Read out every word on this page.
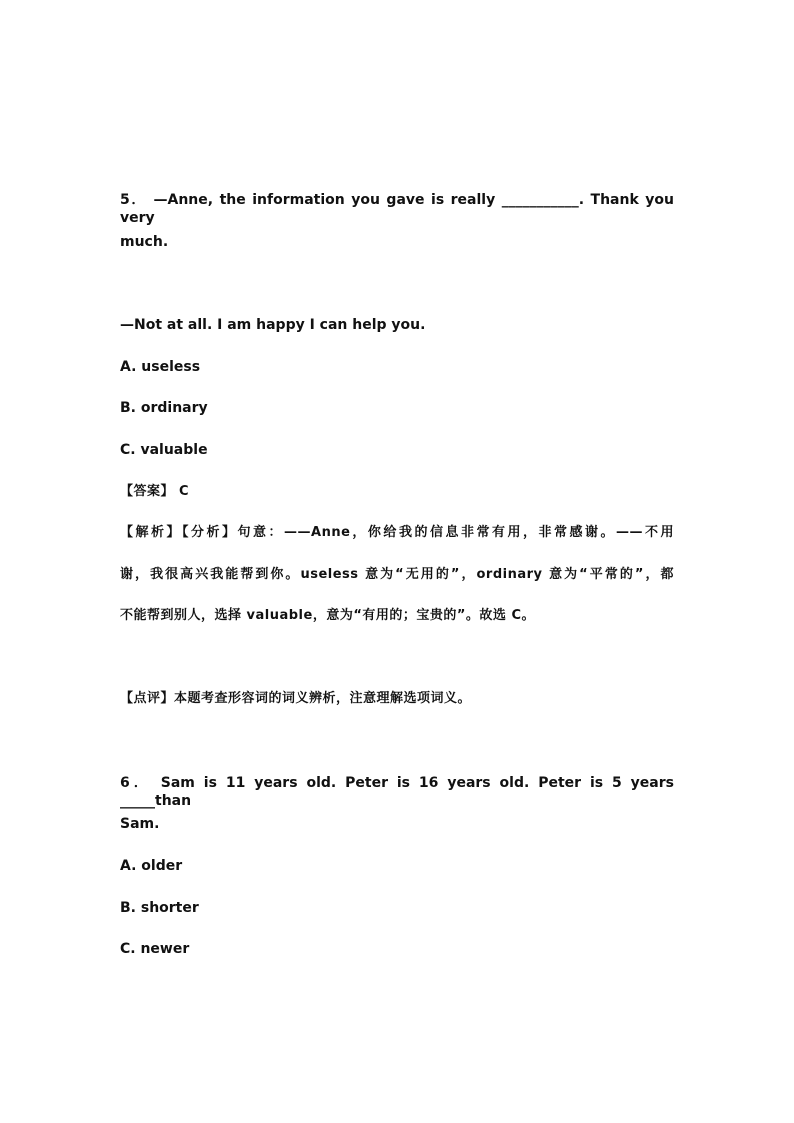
5． —Anne, the information you gave is really ___________. Thank you very
much.
—Not at all. I am happy I can help you.
A. useless
B. ordinary
C. valuable
【答案】 C
【解析】【分析】句意：——Anne，你给我的信息非常有用，非常感谢。——不用
谢，我很高兴我能帮到你。useless 意为“无用的”，ordinary 意为“平常的”，都
不能帮到别人，选择 valuable，意为“有用的；宝贵的”。故选 C。
【点评】本题考查形容词的词义辨析，注意理解选项词义。
6． Sam is 11 years old. Peter is 16 years old. Peter is 5 years _____than
Sam.
A. older
B. shorter
C. newer
